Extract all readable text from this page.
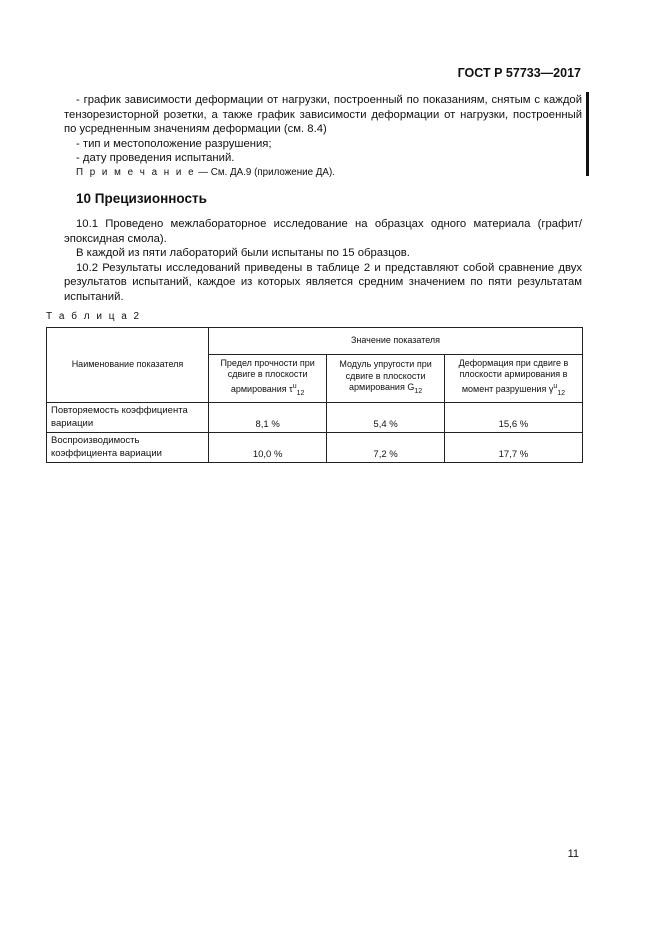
ГОСТ Р 57733—2017

- график зависимости деформации от нагрузки, построенный по показаниям, снятым с каждой тензорезисторной розетки, а также график зависимости деформации от нагрузки, построенный по усредненным значениям деформации (см. 8.4)

- тип и местоположение разрушения;

- дату проведения испытаний.

П р и м е ч а н и е — См. ДА.9 (приложение ДА).

10 Прецизионность

10.1 Проведено межлабораторное исследование на образцах одного материала (графит/эпоксидная смола).

В каждой из пяти лабораторий были испытаны по 15 образцов.

10.2 Результаты исследований приведены в таблице 2 и представляют собой сравнение двух результатов испытаний, каждое из которых является средним значением по пяти результатам испытаний.

Т а б л и ц а 2
Наименование показателя	Значение показателя		
	Предел прочности при сдвиге в плоскости армирования $\tau^u_{12}$	Модуль упругости при сдвиге в плоскости армирования $G_{12}$	Деформация при сдвиге в плоскости армирования в момент разрушения $\gamma^u_{12}$
Повторяемость коэффициента вариации	8,1 %	5,4 %	15,6 %
Воспроизводимость коэффициента вариации	10,0 %	7,2 %	17,7 %
11
